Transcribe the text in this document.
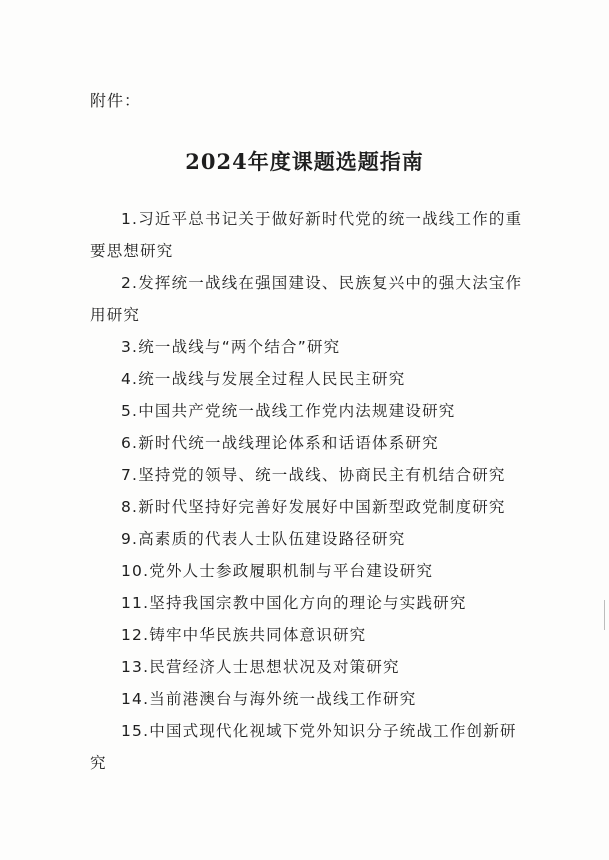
附件：
2024年度课题选题指南
1.习近平总书记关于做好新时代党的统一战线工作的重要思想研究
2.发挥统一战线在强国建设、民族复兴中的强大法宝作用研究
3.统一战线与“两个结合”研究
4.统一战线与发展全过程人民民主研究
5.中国共产党统一战线工作党内法规建设研究
6.新时代统一战线理论体系和话语体系研究
7.坚持党的领导、统一战线、协商民主有机结合研究
8.新时代坚持好完善好发展好中国新型政党制度研究
9.高素质的代表人士队伍建设路径研究
10.党外人士参政履职机制与平台建设研究
11.坚持我国宗教中国化方向的理论与实践研究
12.铸牢中华民族共同体意识研究
13.民营经济人士思想状况及对策研究
14.当前港澳台与海外统一战线工作研究
15.中国式现代化视域下党外知识分子统战工作创新研究
